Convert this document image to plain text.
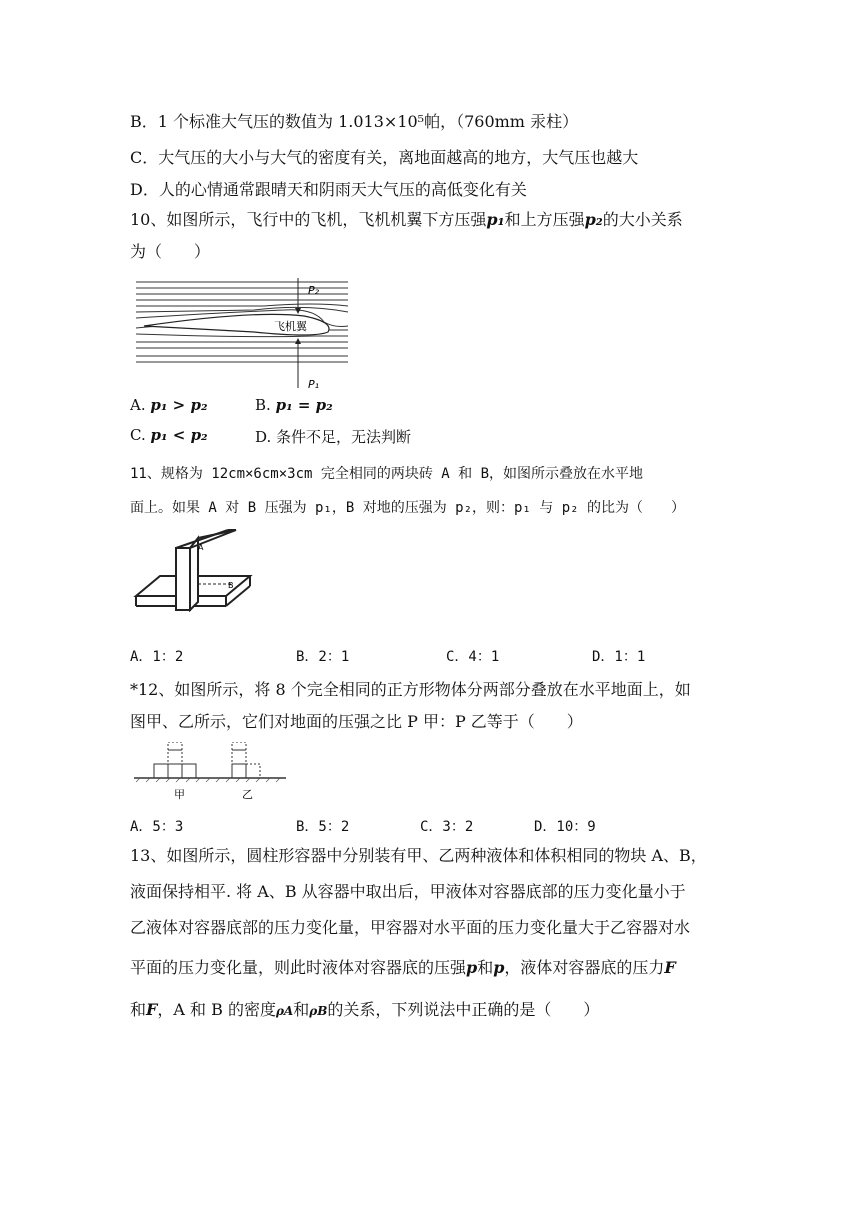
B．1 个标准大气压的数值为 1.013×10⁵帕，（760mm 汞柱）
C．大气压的大小与大气的密度有关，离地面越高的地方，大气压也越大
D．人的心情通常跟晴天和阴雨天大气压的高低变化有关
10、如图所示，飞行中的飞机，飞机机翼下方压强p₁和上方压强p₂的大小关系
为（　　）
P₂
飞机翼
P₁
A. p₁ > p₂	B. p₁ = p₂
C. p₁ < p₂	D. 条件不足，无法判断
11、规格为 12cm×6cm×3cm 完全相同的两块砖 A 和 B，如图所示叠放在水平地
面上。如果 A 对 B 压强为 p₁，B 对地的压强为 p₂，则：p₁ 与 p₂ 的比为（　　）
A
B
A．1：2	B．2：1	C．4：1	D．1：1
*12、如图所示，将 8 个完全相同的正方形物体分两部分叠放在水平地面上，如
图甲、乙所示，它们对地面的压强之比 P 甲：P 乙等于（　　）
甲	乙
A．5：3	B．5：2	C．3：2	D．10：9
13、如图所示，圆柱形容器中分别装有甲、乙两种液体和体积相同的物块 A、B，
液面保持相平. 将 A、B 从容器中取出后，甲液体对容器底部的压力变化量小于
乙液体对容器底部的压力变化量，甲容器对水平面的压力变化量大于乙容器对水
平面的压力变化量，则此时液体对容器底的压强p和p，液体对容器底的压力F
和F，A 和 B 的密度ρA和ρB的关系，下列说法中正确的是（　　）
